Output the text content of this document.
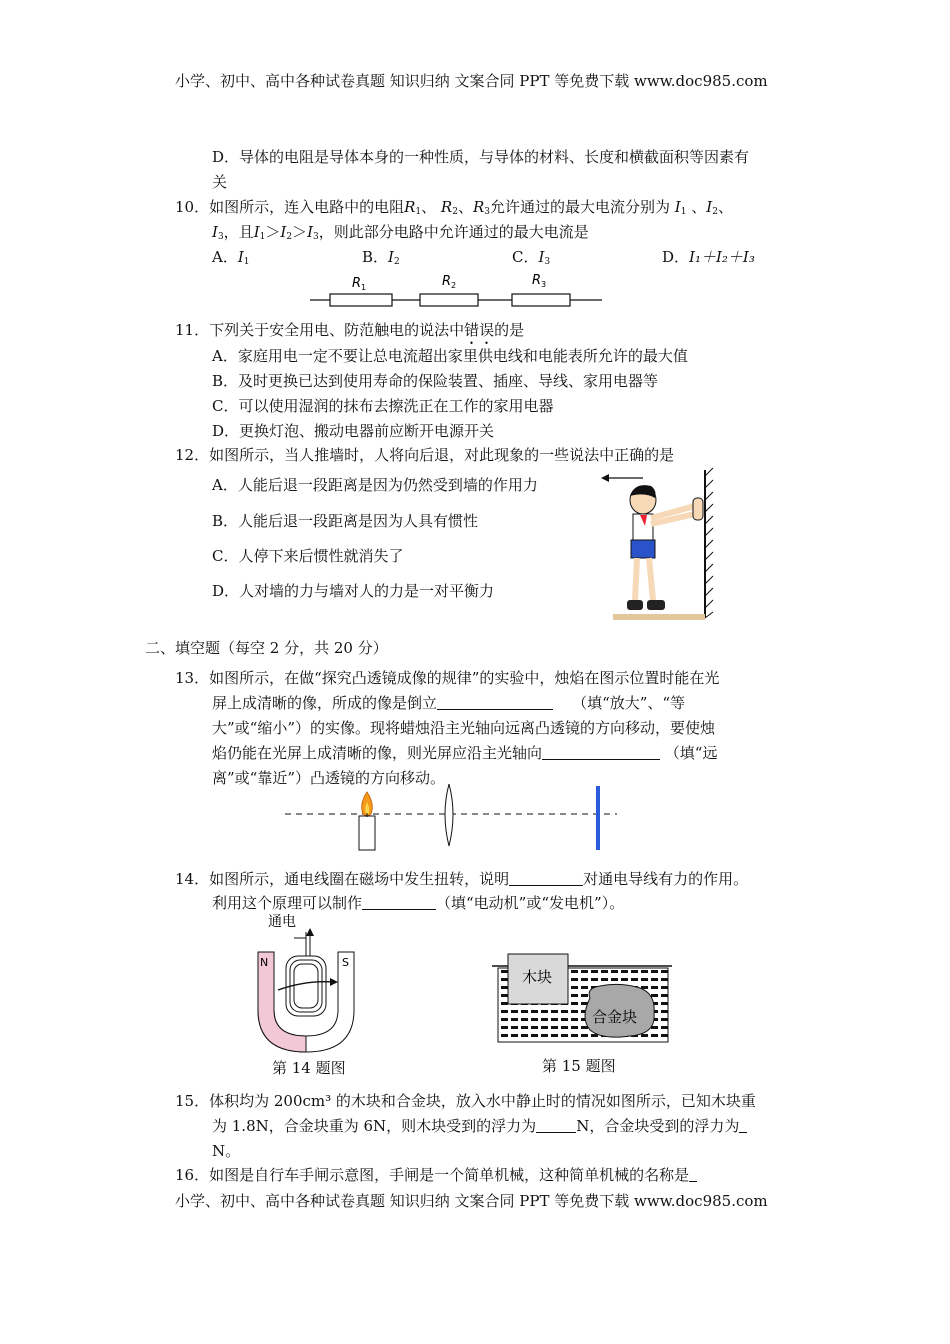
小学、初中、高中各种试卷真题 知识归纳 文案合同 PPT 等免费下载 www.doc985.com
D．导体的电阻是导体本身的一种性质，与导体的材料、长度和横截面积等因素有
关
10．如图所示，连入电路中的电阻$R_1$、 $R_2$、$R_3$允许通过的最大电流分别为 $I_1$ 、$I_2$、
$I_3$，且$I_1>I_2>I_3$，则此部分电路中允许通过的最大电流是
A．$I_1$	B．$I_2$	C．$I_3$	D．I₁＋I₂＋I₃
R 1	R 2	R 3
11．下列关于安全用电、防范触电的说法中错误的是
A．家庭用电一定不要让总电流超出家里供电线和电能表所允许的最大值
B．及时更换已达到使用寿命的保险装置、插座、导线、家用电器等
C．可以使用湿润的抹布去擦洗正在工作的家用电器
D．更换灯泡、搬动电器前应断开电源开关
12．如图所示，当人推墙时，人将向后退，对此现象的一些说法中正确的是
A．人能后退一段距离是因为仍然受到墙的作用力
B．人能后退一段距离是因为人具有惯性
C．人停下来后惯性就消失了
D．人对墙的力与墙对人的力是一对平衡力
二、填空题（每空 2 分，共 20 分）
13．如图所示，在做“探究凸透镜成像的规律”的实验中，烛焰在图示位置时能在光
屏上成清晰的像，所成的像是倒立	（填“放大”、“等
大”或“缩小”）的实像。现将蜡烛沿主光轴向远离凸透镜的方向移动，要使烛
焰仍能在光屏上成清晰的像，则光屏应沿主光轴向	（填“远
离”或“靠近”）凸透镜的方向移动。
14．如图所示，通电线圈在磁场中发生扭转，说明	对通电导线有力的作用。
利用这个原理可以制作	（填“电动机”或“发电机”）。
通电
N	S
第 14 题图
木块
合金块
第 15 题图
15．体积均为 200cm³ 的木块和合金块，放入水中静止时的情况如图所示，已知木块重
为 1.8N，合金块重为 6N，则木块受到的浮力为	N，合金块受到的浮力为
N。
16．如图是自行车手闸示意图，手闸是一个简单机械，这种简单机械的名称是
小学、初中、高中各种试卷真题 知识归纳 文案合同 PPT 等免费下载 www.doc985.com
